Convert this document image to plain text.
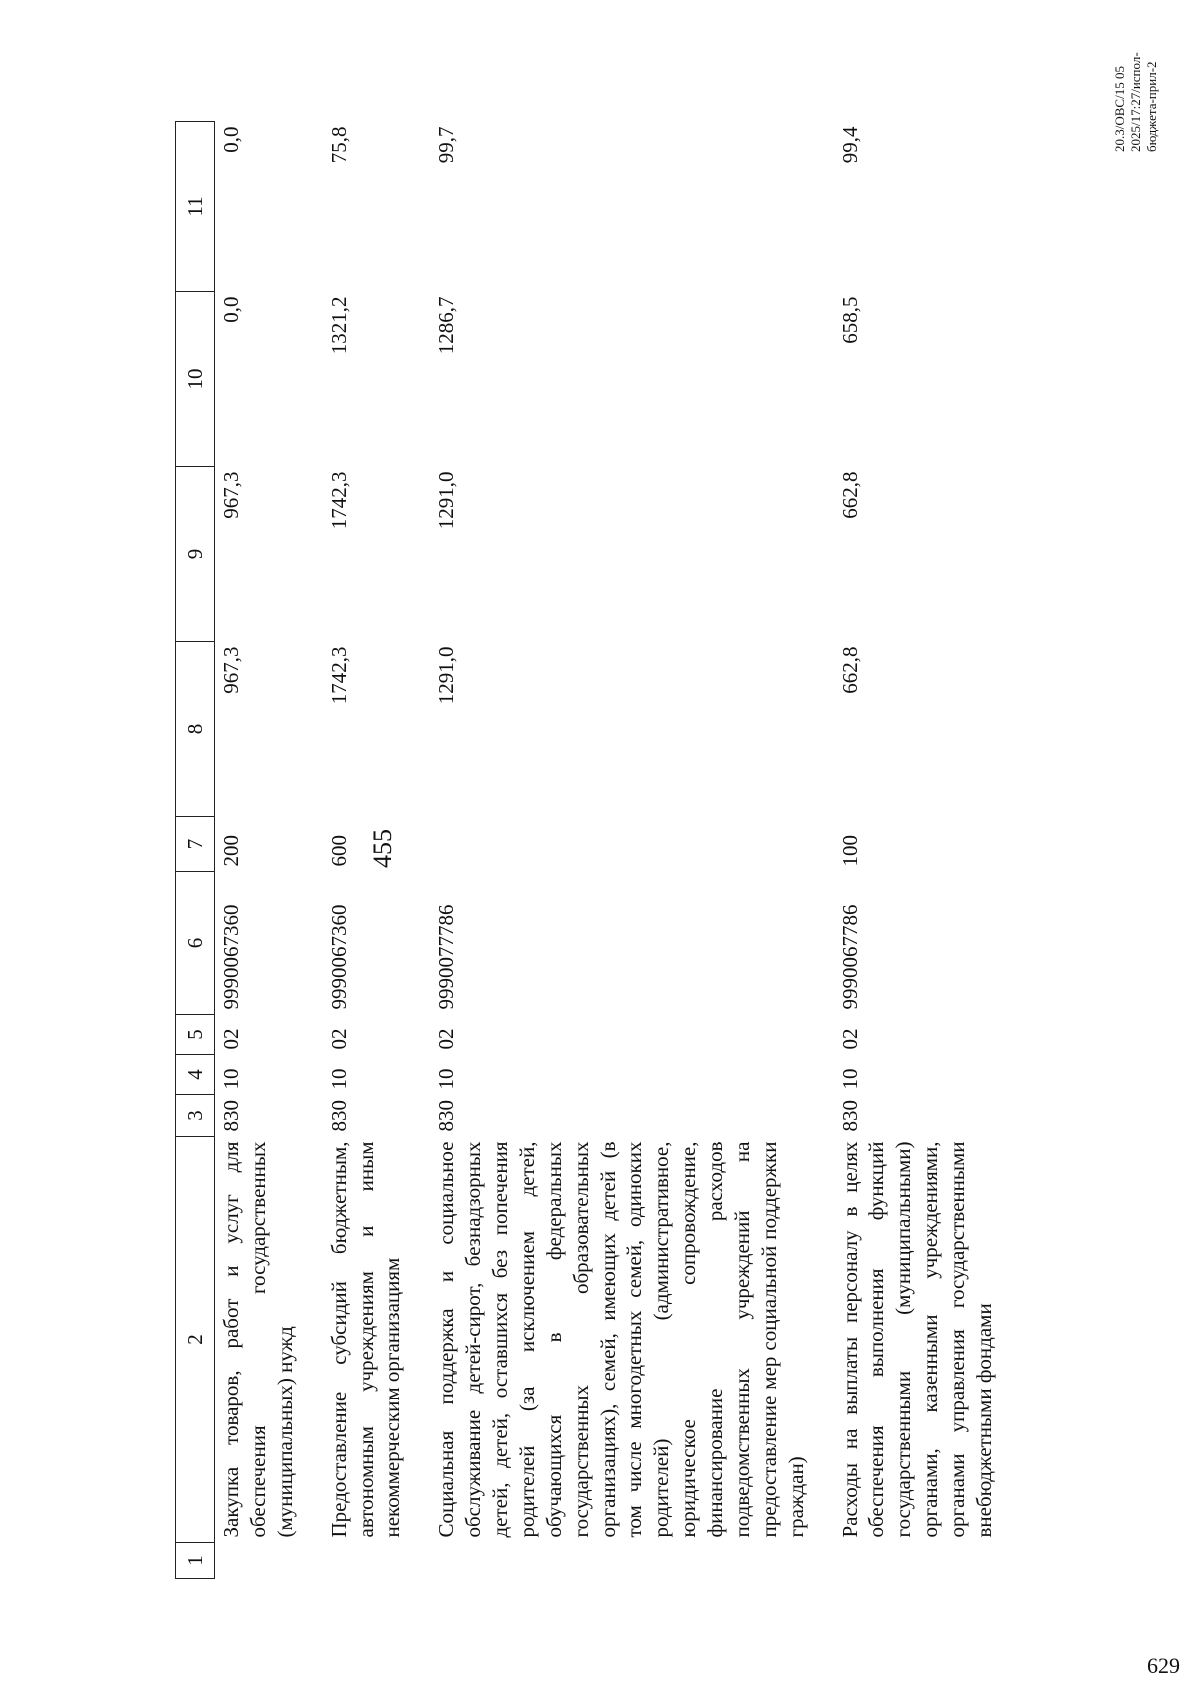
455
1	2	3	4	5	6	7	8	9	10	11
	Закупка товаров, работ и услуг для обеспечения государственных (муниципальных) нужд	830	10	02	9990067360	200	967,3	967,3	0,0	0,0
	Предоставление субсидий бюджетным, автономным учреждениям и иным некоммерческим организациям	830	10	02	9990067360	600	1742,3	1742,3	1321,2	75,8
	Социальная поддержка и социальное обслуживание детей-сирот, безнадзорных детей, детей, оставшихся без попечения родителей (за исключением детей, обучающихся в федеральных государственных образовательных организациях), семей, имеющих детей (в том числе многодетных семей, одиноких родителей) (административное, юридическое сопровождение, финансирование расходов подведомственных учреждений на предоставление мер социальной поддержки граждан)	830	10	02	9990077786		1291,0	1291,0	1286,7	99,7
	Расходы на выплаты персоналу в целях обеспечения выполнения функций государственными (муниципальными) органами, казенными учреждениями, органами управления государственными внебюджетными фондами	830	10	02	9990067786	100	662,8	662,8	658,5	99,4	20.3/OBC/15 05 2025/17:27/испол-бюджета-прил-2
629
